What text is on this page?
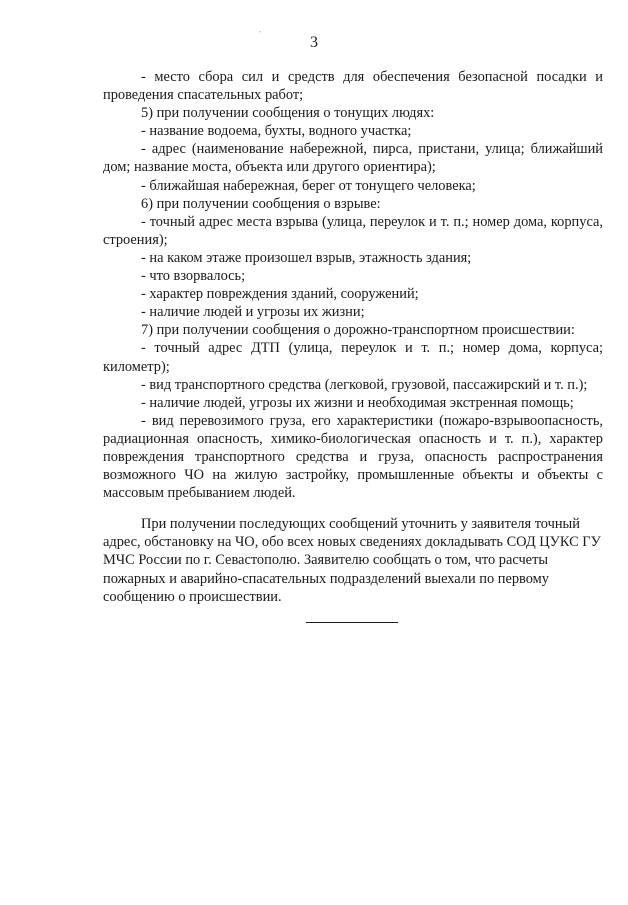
3
`

- место сбора сил и средств для обеспечения безопасной посадки и проведения спасательных работ;

5) при получении сообщения о тонущих людях:

- название водоема, бухты, водного участка;

- адрес (наименование набережной, пирса, пристани, улица; ближайший дом; название моста, объекта или другого ориентира);

- ближайшая набережная, берег от тонущего человека;

6) при получении сообщения о взрыве:

- точный адрес места взрыва (улица, переулок и т. п.; номер дома, корпуса, строения);

- на каком этаже произошел взрыв, этажность здания;

- что взорвалось;

- характер повреждения зданий, сооружений;

- наличие людей и угрозы их жизни;

7) при получении сообщения о дорожно-транспортном происшествии:

- точный адрес ДТП (улица, переулок и т. п.; номер дома, корпуса; километр);

- вид транспортного средства (легковой, грузовой, пассажирский и т. п.);

- наличие людей, угрозы их жизни и необходимая экстренная помощь;

- вид перевозимого груза, его характеристики (пожаро-взрывоопасность, радиационная опасность, химико-биологическая опасность и т. п.), характер повреждения транспортного средства и груза, опасность распространения возможного ЧО на жилую застройку, промышленные объекты и объекты с массовым пребыванием людей.

При получении последующих сообщений уточнить у заявителя точный адрес, обстановку на ЧО, обо всех новых сведениях докладывать СОД ЦУКС ГУ МЧС России по г. Севастополю. Заявителю сообщать о том, что расчеты пожарных и аварийно-спасательных подразделений выехали по первому сообщению о происшествии.
